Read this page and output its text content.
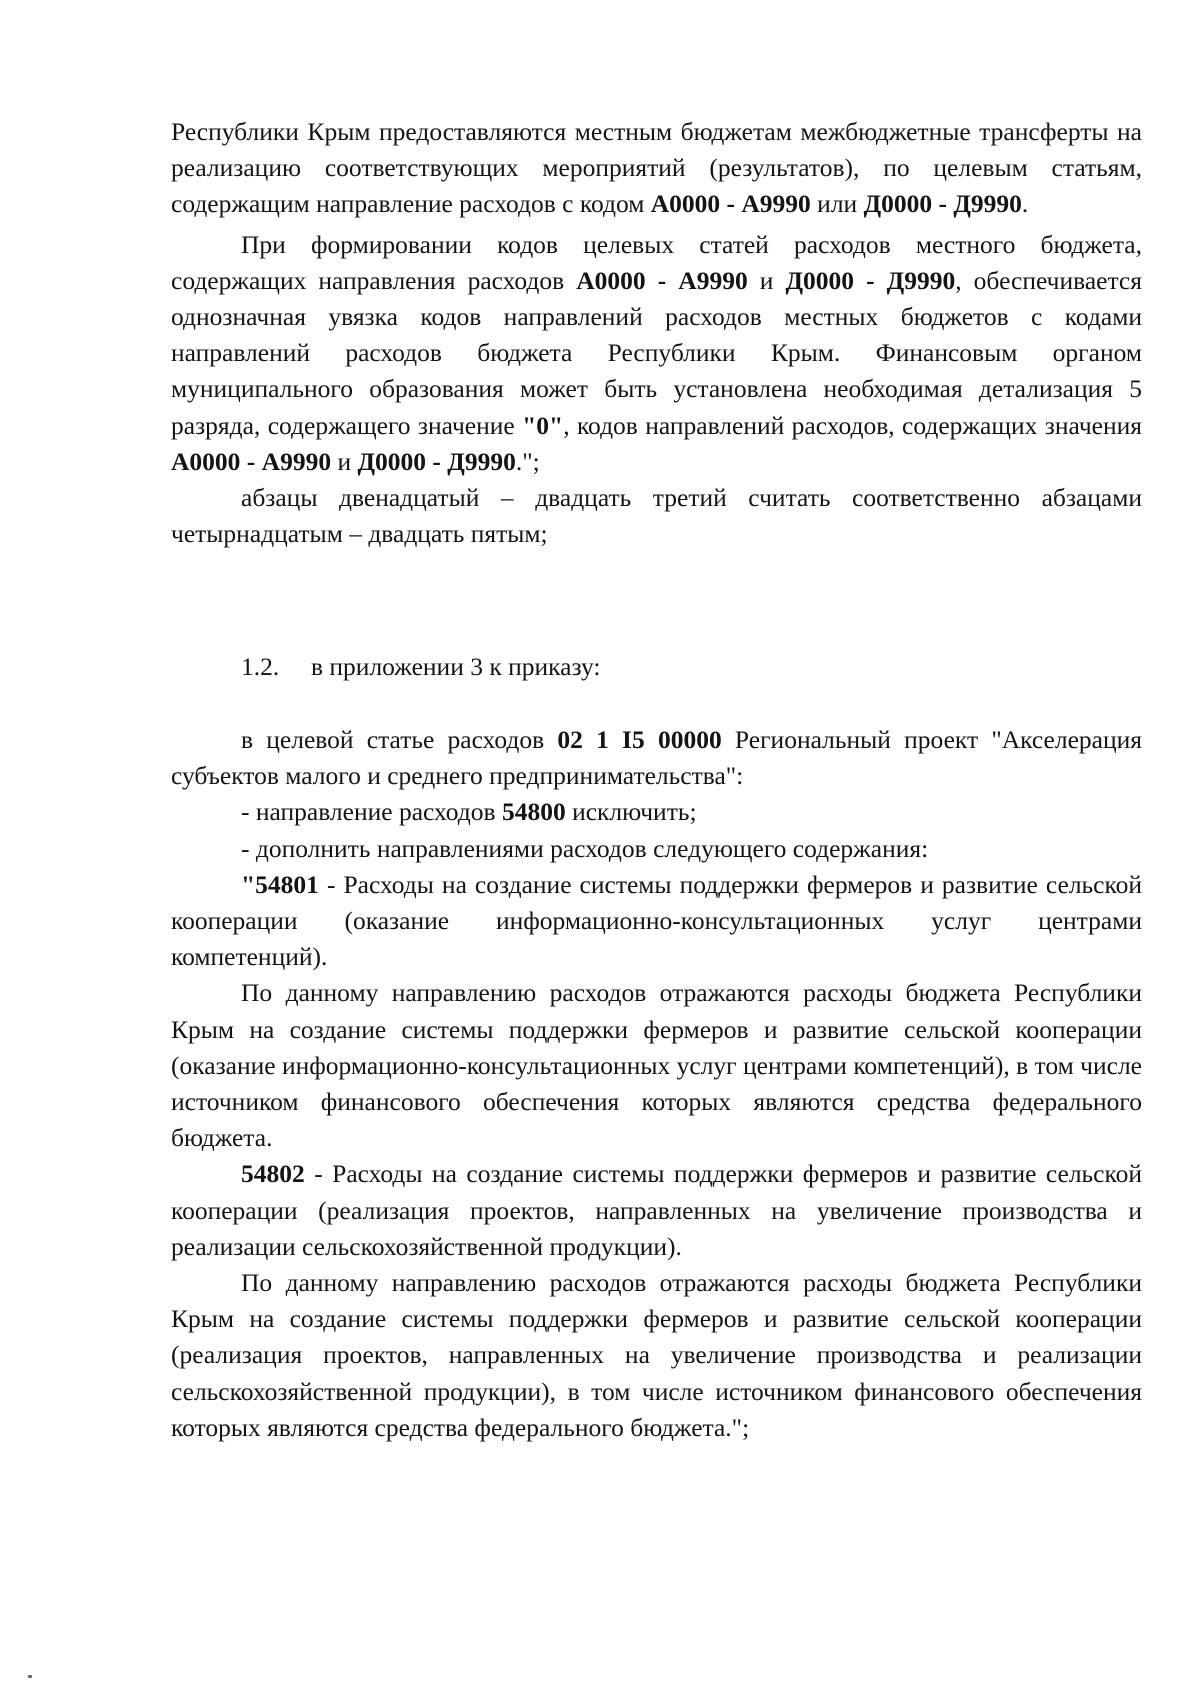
Республики Крым предоставляются местным бюджетам межбюджетные трансферты на реализацию соответствующих мероприятий (результатов), по целевым статьям, содержащим направление расходов с кодом А0000 - А9990 или Д0000 - Д9990.

При формировании кодов целевых статей расходов местного бюджета, содержащих направления расходов А0000 - А9990 и Д0000 - Д9990, обеспечивается однозначная увязка кодов направлений расходов местных бюджетов с кодами направлений расходов бюджета Республики Крым. Финансовым органом муниципального образования может быть установлена необходимая детализация 5 разряда, содержащего значение "0", кодов направлений расходов, содержащих значения А0000 - А9990 и Д0000 - Д9990.";

абзацы двенадцатый – двадцать третий считать соответственно абзацами четырнадцатым – двадцать пятым;

1.2. в приложении 3 к приказу:

в целевой статье расходов 02 1 I5 00000 Региональный проект "Акселерация субъектов малого и среднего предпринимательства":

- направление расходов 54800 исключить;

- дополнить направлениями расходов следующего содержания:

"54801 - Расходы на создание системы поддержки фермеров и развитие сельской кооперации (оказание информационно-консультационных услуг центрами компетенций).

По данному направлению расходов отражаются расходы бюджета Республики Крым на создание системы поддержки фермеров и развитие сельской кооперации (оказание информационно-консультационных услуг центрами компетенций), в том числе источником финансового обеспечения которых являются средства федерального бюджета.

54802 - Расходы на создание системы поддержки фермеров и развитие сельской кооперации (реализация проектов, направленных на увеличение производства и реализации сельскохозяйственной продукции).

По данному направлению расходов отражаются расходы бюджета Республики Крым на создание системы поддержки фермеров и развитие сельской кооперации (реализация проектов, направленных на увеличение производства и реализации сельскохозяйственной продукции), в том числе источником финансового обеспечения которых являются средства федерального бюджета.";
